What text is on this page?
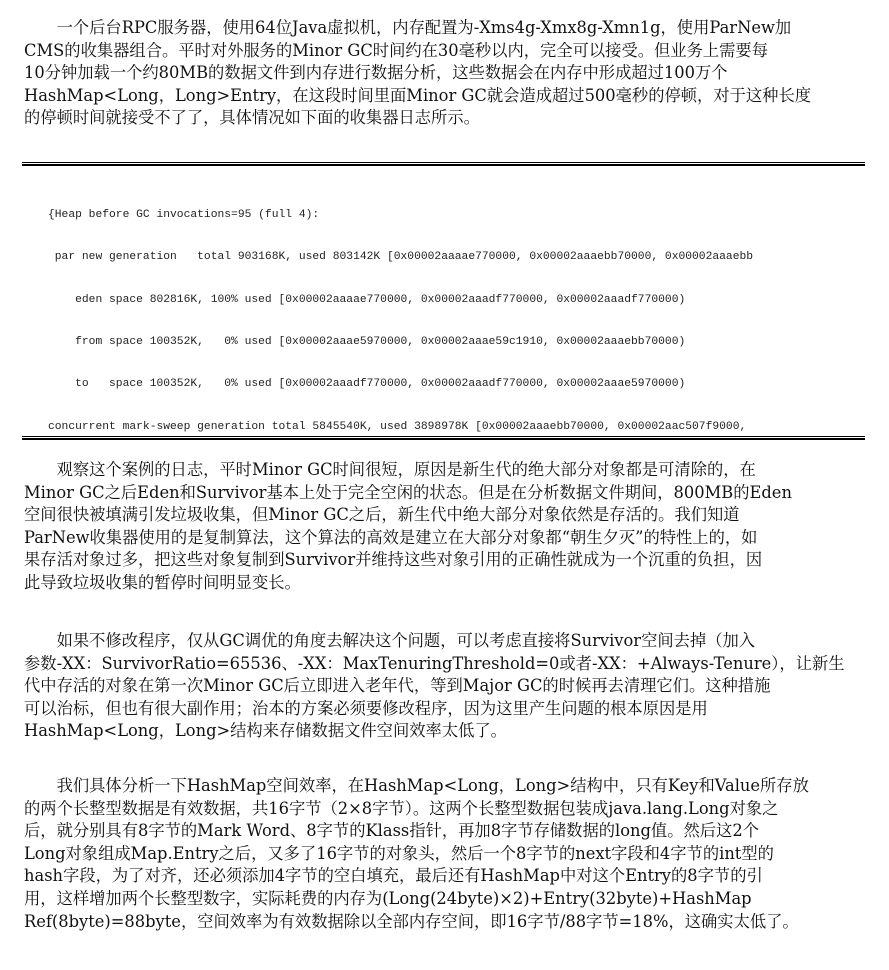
　　一个后台RPC服务器，使用64位Java虚拟机，内存配置为-Xms4g-Xmx8g-Xmn1g，使用ParNew加
CMS的收集器组合。平时对外服务的Minor GC时间约在30毫秒以内，完全可以接受。但业务上需要每
10分钟加载一个约80MB的数据文件到内存进行数据分析，这些数据会在内存中形成超过100万个
HashMap<Long，Long>Entry，在这段时间里面Minor GC就会造成超过500毫秒的停顿，对于这种长度
的停顿时间就接受不了了，具体情况如下面的收集器日志所示。

{Heap before GC invocations=95 (full 4):

par new generation   total 903168K, used 803142K [0x00002aaaae770000, 0x00002aaaebb70000, 0x00002aaaebb

eden space 802816K, 100% used [0x00002aaaae770000, 0x00002aaadf770000, 0x00002aaadf770000)

from space 100352K,   0% used [0x00002aaae5970000, 0x00002aaae59c1910, 0x00002aaaebb70000)

to   space 100352K,   0% used [0x00002aaadf770000, 0x00002aaadf770000, 0x00002aaae5970000)

concurrent mark-sweep generation total 5845540K, used 3898978K [0x00002aaaebb70000, 0x00002aac507f9000,

　　观察这个案例的日志，平时Minor GC时间很短，原因是新生代的绝大部分对象都是可清除的，在
Minor GC之后Eden和Survivor基本上处于完全空闲的状态。但是在分析数据文件期间，800MB的Eden
空间很快被填满引发垃圾收集，但Minor GC之后，新生代中绝大部分对象依然是存活的。我们知道
ParNew收集器使用的是复制算法，这个算法的高效是建立在大部分对象都“朝生夕灭”的特性上的，如
果存活对象过多，把这些对象复制到Survivor并维持这些对象引用的正确性就成为一个沉重的负担，因
此导致垃圾收集的暂停时间明显变长。
　　如果不修改程序，仅从GC调优的角度去解决这个问题，可以考虑直接将Survivor空间去掉（加入
参数-XX：SurvivorRatio=65536、-XX：MaxTenuringThreshold=0或者-XX：+Always-Tenure），让新生
代中存活的对象在第一次Minor GC后立即进入老年代，等到Major GC的时候再去清理它们。这种措施
可以治标，但也有很大副作用；治本的方案必须要修改程序，因为这里产生问题的根本原因是用
HashMap<Long，Long>结构来存储数据文件空间效率太低了。
　　我们具体分析一下HashMap空间效率，在HashMap<Long，Long>结构中，只有Key和Value所存放
的两个长整型数据是有效数据，共16字节（2×8字节）。这两个长整型数据包装成java.lang.Long对象之
后，就分别具有8字节的Mark Word、8字节的Klass指针，再加8字节存储数据的long值。然后这2个
Long对象组成Map.Entry之后，又多了16字节的对象头，然后一个8字节的next字段和4字节的int型的
hash字段，为了对齐，还必须添加4字节的空白填充，最后还有HashMap中对这个Entry的8字节的引
用，这样增加两个长整型数字，实际耗费的内存为(Long(24byte)×2)+Entry(32byte)+HashMap
Ref(8byte)=88byte，空间效率为有效数据除以全部内存空间，即16字节/88字节=18%，这确实太低了。
